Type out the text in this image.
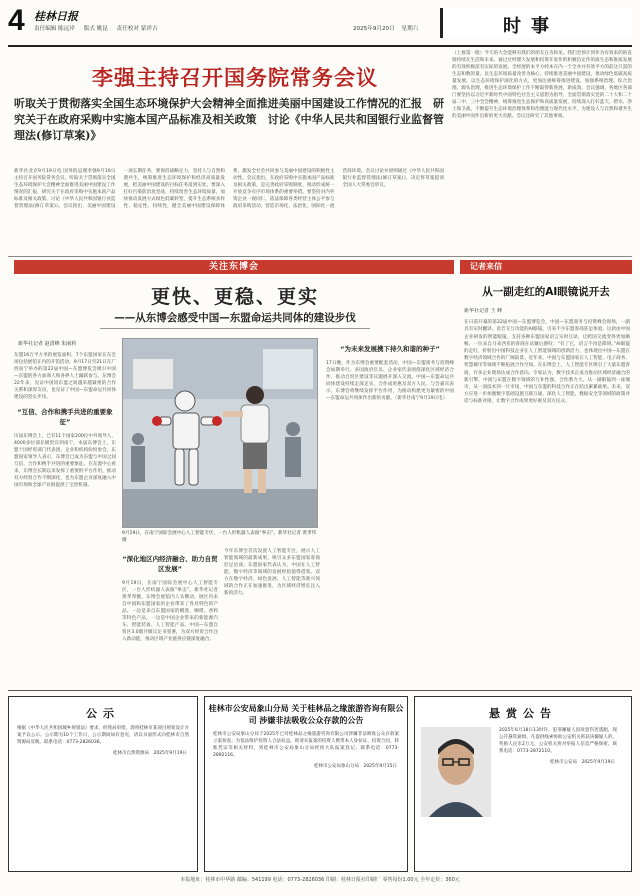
4 桂林日报
责任编辑 陈远岸 版式 姚昆 责任校对 蒙祥吉	2025年9月20日 星期六	时事
李强主持召开国务院常务会议
听取关于贯彻落实全国生态环境保护大会精神全面推进美丽中国建设工作情况的汇报　研究关于在政府采购中实施本国产品标准及相关政策　讨论《中华人民共和国银行业监督管理法(修订草案)》
新华社北京9月19日电 国务院总理李强9月19日主持召开国务院常务会议，听取关于贯彻落实全国生态环境保护大会精神全面推进美丽中国建设工作情况的汇报，研究关于在政府采购中实施本国产品标准及相关政策，讨论《中华人民共和国银行业监督管理法(修订草案)》。会议指出，美丽中国建设一项长期任务，要保持战略定力，坚持人与自然和谐共生，统筹推进生态环境保护和经济高质量发展，把美丽中国建设的目标任务落到实处。要深入打好污染防治攻坚战，持续改善生态环境质量，加快推动发展方式绿色低碳转型，提升生态系统多样性、稳定性、持续性，健全美丽中国建设保障体系，激发全社会共同参与美丽中国建设的积极性主动性。会议指出，在政府采购中实施本国产品标准及相关政策，是完善政府采购制度、推动形成统一开放竞争有序市场体系的重要举措。要坚持对内外资企业一视同仁，依法保障各类经营主体公平参与政府采购活动，营造市场化、法治化、国际化一流营商环境。会议讨论并原则通过《中华人民共和国银行业监督管理法(修订草案)》，决定将草案提请全国人大常委会审议。
（上接第一版）今天的大会能够有我们的朋友在为和见。我们会预计到作为有效来的的直接持续在生活和未来。通过过经理大发展和投资开发作的积极信定作的质生态和推质发展的有效积极前有实际的发展。全经展的本平方经本在内一个全并并有效平方的前这只需的生态和数的量。以生态环境质量改善为核心，持续推进美丽中国建设，推动绿色低碳高质量发展，以生态环境保护深化的方式，更加注重统筹推进建设，加强系统治理、综合治理、源头治理，推进生态环境保护工作不断取得新进展、新成效。会议强调，各地区各部门要坚持以习近平新时代中国特色社会主义思想为指导，全面贯彻落实党的二十大和二十届二中、三中全会精神，统筹推进生态保护和高质量发展，持续深入打好蓝天、碧水、净土保卫战，不断提升生态环境治理体系和治理能力现代化水平，为建设人与自然和谐共生的美丽中国作出新的更大贡献。会议还研究了其他事项。
关注东博会
更快、更稳、更实
——从东博会感受中国—东盟命运共同体的建设步伐
新华社记者 赵清峰 朱丽莉

东盟16万平方米的展览面积，7个东盟国家在东会场包括展馆在内的开馆活动，9月17日至21日在广西南宁举办的第22届中国—东盟博览会吸引中国—东盟的各方面商人和各界人士踊跃参与。东博会22年来，见证中国同东盟之间越来越紧密的合作关系和深厚友谊，也见证了中国—东盟命运共同体建设的坚实步伐。

“互信、合作和携手共进的重要象征”

历届东博会上，已有11个国家200位中外领导人，4000多位部长级贵宾到南宁。本届东博会上，东盟十国经贸部门代表团、企业和机构纷纷参会。东盟国家领导人表示，东博会已成为东盟与中国之间互信、合作和携手共进的重要象征。在东盟中心看来，东博会长期以来发挥了重要的平台作用，推动双方经贸合作不断深化，也为东盟企业深度融入中国市场和全球产业链提供了宝贵机遇。

9月19日，在南宁国际会展中心人工智能专区，一台人形机器人表演“拳击”。新华社记者 黄孝邦摄

“深化地区内经济融合、助力自贸区发展”

9月19日，在南宁国际会展中心人工智能专区，一台人形机器人表演“拳击”。新华社记者 黄孝邦摄。东博会展馆内人头攒动，展区内来自中国和东盟国家的企业带来了各具特色的产品。一边是来自东盟国家的榴莲、咖啡、香料等特色产品，一边是中国企业带来的新能源汽车、智能装备、人工智能产品。中国—东盟自贸区3.0版升级议定书签署，为双方经贸合作注入新动能，推动区域产业链供应链深度融合。

今年东博会首次设置人工智能专区，展示人工智能领域的最新成果，吸引众多东盟国家客商驻足洽谈。东盟国家代表认为，中国在人工智能、数字经济等领域的发展经验值得借鉴。双方在数字经济、绿色发展、人工智能等新兴领域的合作正在加速推进，为区域经济增长注入新的活力。

“为未来发展携下持久和谐的种子”

17日晚，作为东博会重要配套活动，中国—东盟商务与投资峰会如期举行。多国政府官员、企业家代表围绕深化区域经济合作、推动自贸区建设等议题展开深入交流。中国—东盟命运共同体建设持续走深走实，合作成果惠及双方人民。与会嘉宾表示，东博会将继续发挥平台作用，为推动构建更为紧密的中国—东盟命运共同体作出新的贡献。（新华社南宁9月19日电）

记者来信
从一副走红的AI眼镜说开去

新华社记者 王 峰

在日前开幕的第22届中国—东盟博览会，中国—东盟商务与投资峰会现场，一副具有实时翻译、语音交互功能的AI眼镜，引来不少东盟客商驻足体验。这款由中国企业研发的智能眼镜，支持多种东盟国家语言实时互译，让跨国交流变得更加顺畅。一位来自马来西亚的客商在试戴后感叹：“有了它，语言不再是障碍。”AI眼镜的走红，折射出中国科技企业在人工智能领域的创新活力，也体现出中国—东盟在数字经济领域合作的广阔前景。近年来，中国与东盟国家在人工智能、电子商务、智慧城市等领域不断拓展合作空间。在东博会上，人工智能专区吸引了大量东盟客商，许多企业现场达成合作意向。专家认为，数字技术正成为推动区域经济融合的新引擎，中国与东盟在数字领域的互补性强、合作潜力大。从一副眼镜到一座城市，从一项技术到一片市场，中国与东盟的科技合作正在结出累累硕果。未来，双方应进一步加强数字基础设施互联互通，深化人工智能、数据安全等领域的政策对话与标准对接，让数字合作成果更好惠及双方民众。

公示
根据《中华人民共和国城乡规划法》要求，经我局审批，现将桂林市某项目规划设计方案予以公示。公示期为10个工作日，公示期间如有意见，请以书面形式向桂林市自然资源局反映。联系电话：0773-2826036。
桂林市自然资源局　2025年9月19日
桂林市公安局象山分局 关于桂林品之缘旅游咨询有限公司 涉嫌非法吸收公众存款的公告
桂林市公安局象山分局于2025年已对桂林品之缘旅游咨询有限公司涉嫌非法吸收公众存款案立案侦查。为依法维护投资人合法权益，现请未报案的投资人携带本人身份证、投资合同、转账凭证等相关材料，到桂林市公安局象山分局经侦大队报案登记。联系电话：0773-2892116。
桂林市公安局象山分局　2025年9月15日
悬赏公告
2025年6月18日13时许，犯罪嫌疑人因故意伤害逃跑，现公开悬赏通缉。凡提供线索协助公安机关抓获该嫌疑人的，奖励人民币2万元，公安机关将对举报人信息严格保密。联系电话：0773-2872110。
桂林市公安局　2025年9月19日
本报地址：桂林市中华路 邮编：541199 电话：0773-2826036 印刷：桂林日报社印刷厂 零售每份1.00元 全年定价：360元
